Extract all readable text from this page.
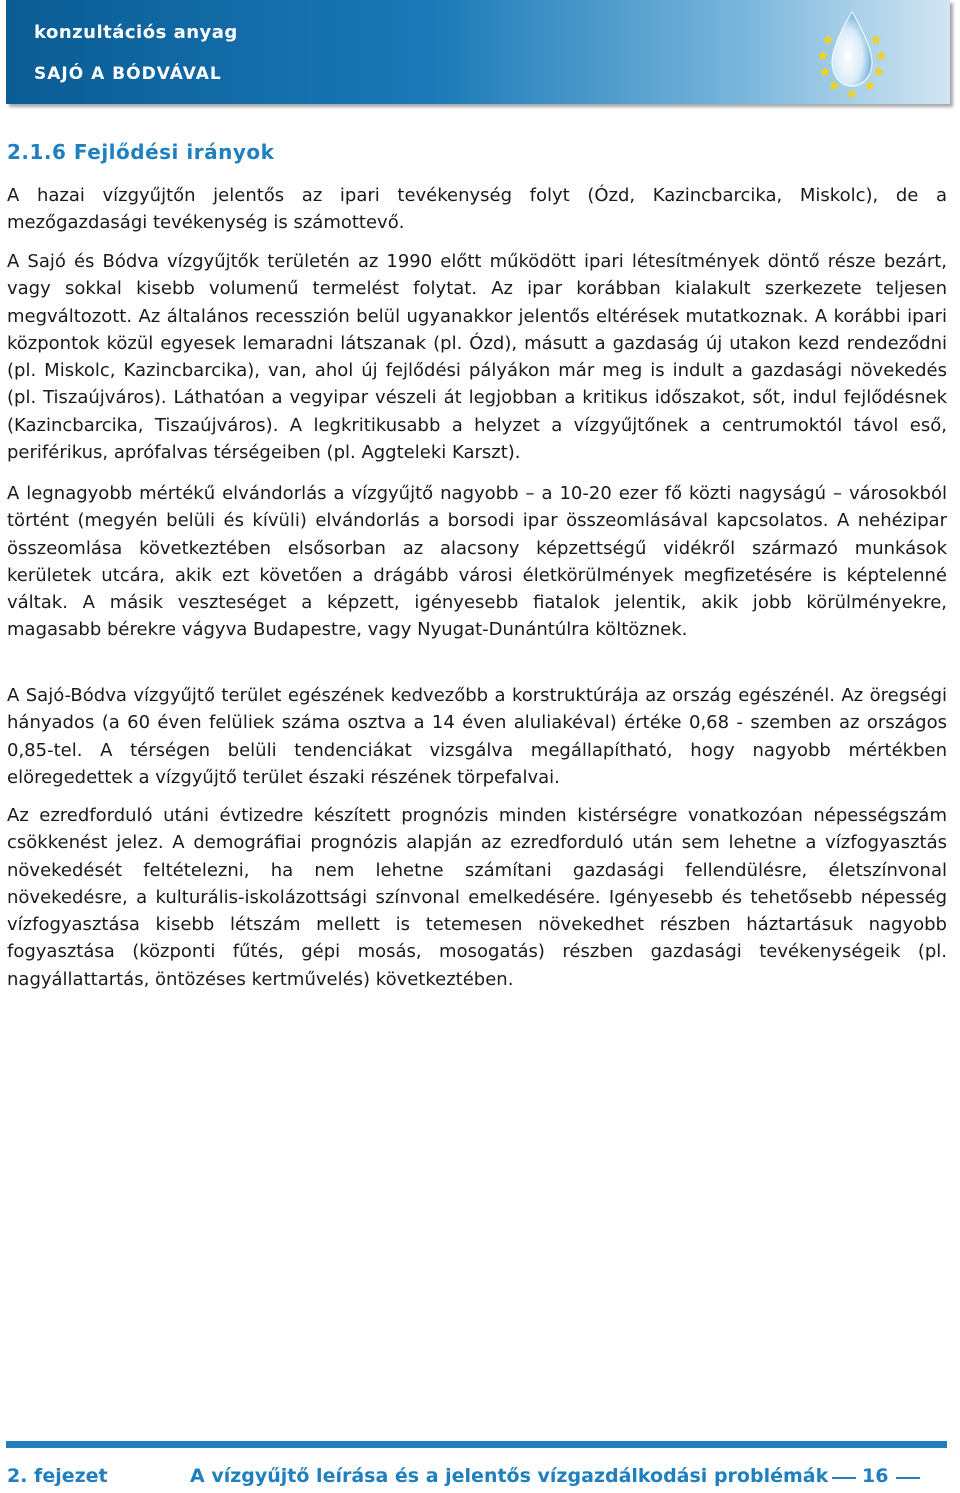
konzultációs anyag
SAJÓ A BÓDVÁVAL
2.1.6 Fejlődési irányok

A hazai vízgyűjtőn jelentős az ipari tevékenység folyt (Ózd, Kazincbarcika, Miskolc), de a mezőgazdasági tevékenység is számottevő.

A Sajó és Bódva vízgyűjtők területén az 1990 előtt működött ipari létesítmények döntő része bezárt, vagy sokkal kisebb volumenű termelést folytat. Az ipar korábban kialakult szerkezete teljesen megváltozott. Az általános recesszión belül ugyanakkor jelentős eltérések mutatkoznak. A korábbi ipari központok közül egyesek lemaradni látszanak (pl. Ózd), másutt a gazdaság új utakon kezd rendeződni (pl. Miskolc, Kazincbarcika), van, ahol új fejlődési pályákon már meg is indult a gazdasági növekedés (pl. Tiszaújváros). Láthatóan a vegyipar vészeli át legjobban a kritikus időszakot, sőt, indul fejlődésnek (Kazincbarcika, Tiszaújváros). A legkritikusabb a helyzet a vízgyűjtőnek a centrumoktól távol eső, periférikus, aprófalvas térségeiben (pl. Aggteleki Karszt).

A legnagyobb mértékű elvándorlás a vízgyűjtő nagyobb – a 10-20 ezer fő közti nagyságú – városokból történt (megyén belüli és kívüli) elvándorlás a borsodi ipar összeomlásával kapcsolatos. A nehézipar összeomlása következtében elsősorban az alacsony képzettségű vidékről származó munkások kerületek utcára, akik ezt követően a drágább városi életkörülmények megfizetésére is képtelenné váltak. A másik veszteséget a képzett, igényesebb fiatalok jelentik, akik jobb körülményekre, magasabb bérekre vágyva Budapestre, vagy Nyugat-Dunántúlra költöznek.

A Sajó-Bódva vízgyűjtő terület egészének kedvezőbb a korstruktúrája az ország egészénél. Az öregségi hányados (a 60 éven felüliek száma osztva a 14 éven aluliakéval) értéke 0,68 - szemben az országos 0,85-tel. A térségen belüli tendenciákat vizsgálva megállapítható, hogy nagyobb mértékben elöregedettek a vízgyűjtő terület északi részének törpefalvai.

Az ezredforduló utáni évtizedre készített prognózis minden kistérségre vonatkozóan népességszám csökkenést jelez. A demográfiai prognózis alapján az ezredforduló után sem lehetne a vízfogyasztás növekedését feltételezni, ha nem lehetne számítani gazdasági fellendülésre, életszínvonal növekedésre, a kulturális-iskolázottsági színvonal emelkedésére. Igényesebb és tehetősebb népesség vízfogyasztása kisebb létszám mellett is tetemesen növekedhet részben háztartásuk nagyobb fogyasztása (központi fűtés, gépi mosás, mosogatás) részben gazdasági tevékenységeik (pl. nagyállattartás, öntözéses kertművelés) következtében.

2. fejezet	A vízgyűjtő leírása és a jelentős vízgazdálkodási problémák 16
